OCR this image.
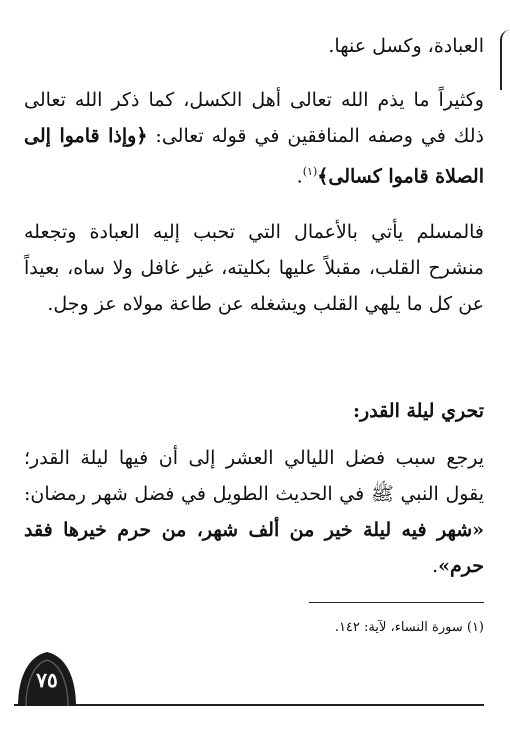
العبادة، وكسل عنها.
وكثيراً ما يذم الله تعالى أهل الكسل، كما ذكر الله تعالى ذلك في وصفه المنافقين في قوله تعالى: ﴿وإذا قاموا إلى الصلاة قاموا كسالى﴾$^{(١)}$.
فالمسلم يأتي بالأعمال التي تحبب إليه العبادة وتجعله منشرح القلب، مقبلاً عليها بكليته، غير غافل ولا ساه، بعيداً عن كل ما يلهي القلب ويشغله عن طاعة مولاه عز وجل.
تحري ليلة القدر:
يرجع سبب فضل الليالي العشر إلى أن فيها ليلة القدر؛ يقول النبي ﷺ في الحديث الطويل في فضل شهر رمضان: «شهر فيه ليلة خير من ألف شهر، من حرم خيرها فقد حرم».
(١) سورة النساء، لآية: ١٤٢.
٧٥
